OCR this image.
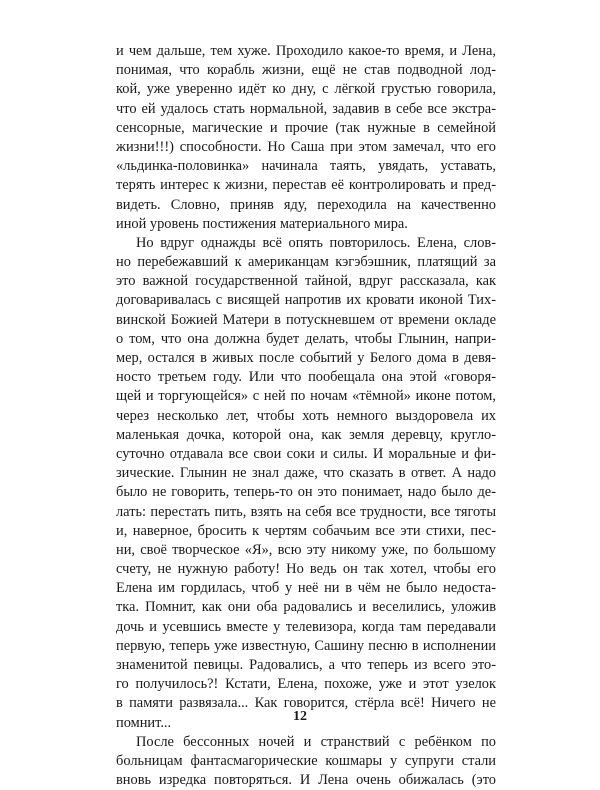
и чем дальше, тем хуже. Проходило какое-то время, и Лена,
понимая, что корабль жизни, ещё не став подводной лод-
кой, уже уверенно идёт ко дну, с лёгкой грустью говорила,
что ей удалось стать нормальной, задавив в себе все экстра-
сенсорные, магические и прочие (так нужные в семейной
жизни!!!) способности. Но Саша при этом замечал, что его
«льдинка-половинка» начинала таять, увядать, уставать,
терять интерес к жизни, перестав её контролировать и пред-
видеть. Словно, приняв яду, переходила на качественно
иной уровень постижения материального мира.
Но вдруг однажды всё опять повторилось. Елена, слов-
но перебежавший к американцам кэгэбэшник, платящий за
это важной государственной тайной, вдруг рассказала, как
договаривалась с висящей напротив их кровати иконой Тих-
винской Божией Матери в потускневшем от времени окладе
о том, что она должна будет делать, чтобы Глынин, напри-
мер, остался в живых после событий у Белого дома в девя-
ностo третьем году. Или что пообещала она этой «говоря-
щей и торгующейся» с ней по ночам «тёмной» иконе потом,
через несколько лет, чтобы хоть немного выздоровела их
маленькая дочка, которой она, как земля деревцу, кругло-
суточно отдавала все свои соки и силы. И моральные и фи-
зические. Глынин не знал даже, что сказать в ответ. А надо
было не говорить, теперь-то он это понимает, надо было де-
лать: перестать пить, взять на себя все трудности, все тяготы
и, наверное, бросить к чертям собачьим все эти стихи, пес-
ни, своё творческое «Я», всю эту никому уже, по большому
счету, не нужную работу! Но ведь он так хотел, чтобы его
Елена им гордилась, чтоб у неё ни в чём не было недоста-
тка. Помнит, как они оба радовались и веселились, уложив
дочь и усевшись вместе у телевизора, когда там передавали
первую, теперь уже известную, Сашину песню в исполнении
знаменитой певицы. Радовались, а что теперь из всего это-
го получилось?! Кстати, Елена, похоже, уже и этот узелок
в памяти развязала... Как говорится, стёрла всё! Ничего не
помнит...
После бессонных ночей и странствий с ребёнком по
больницам фантасмагорические кошмары у супруги стали
вновь изредка повторяться. И Лена очень обижалась (это
12
